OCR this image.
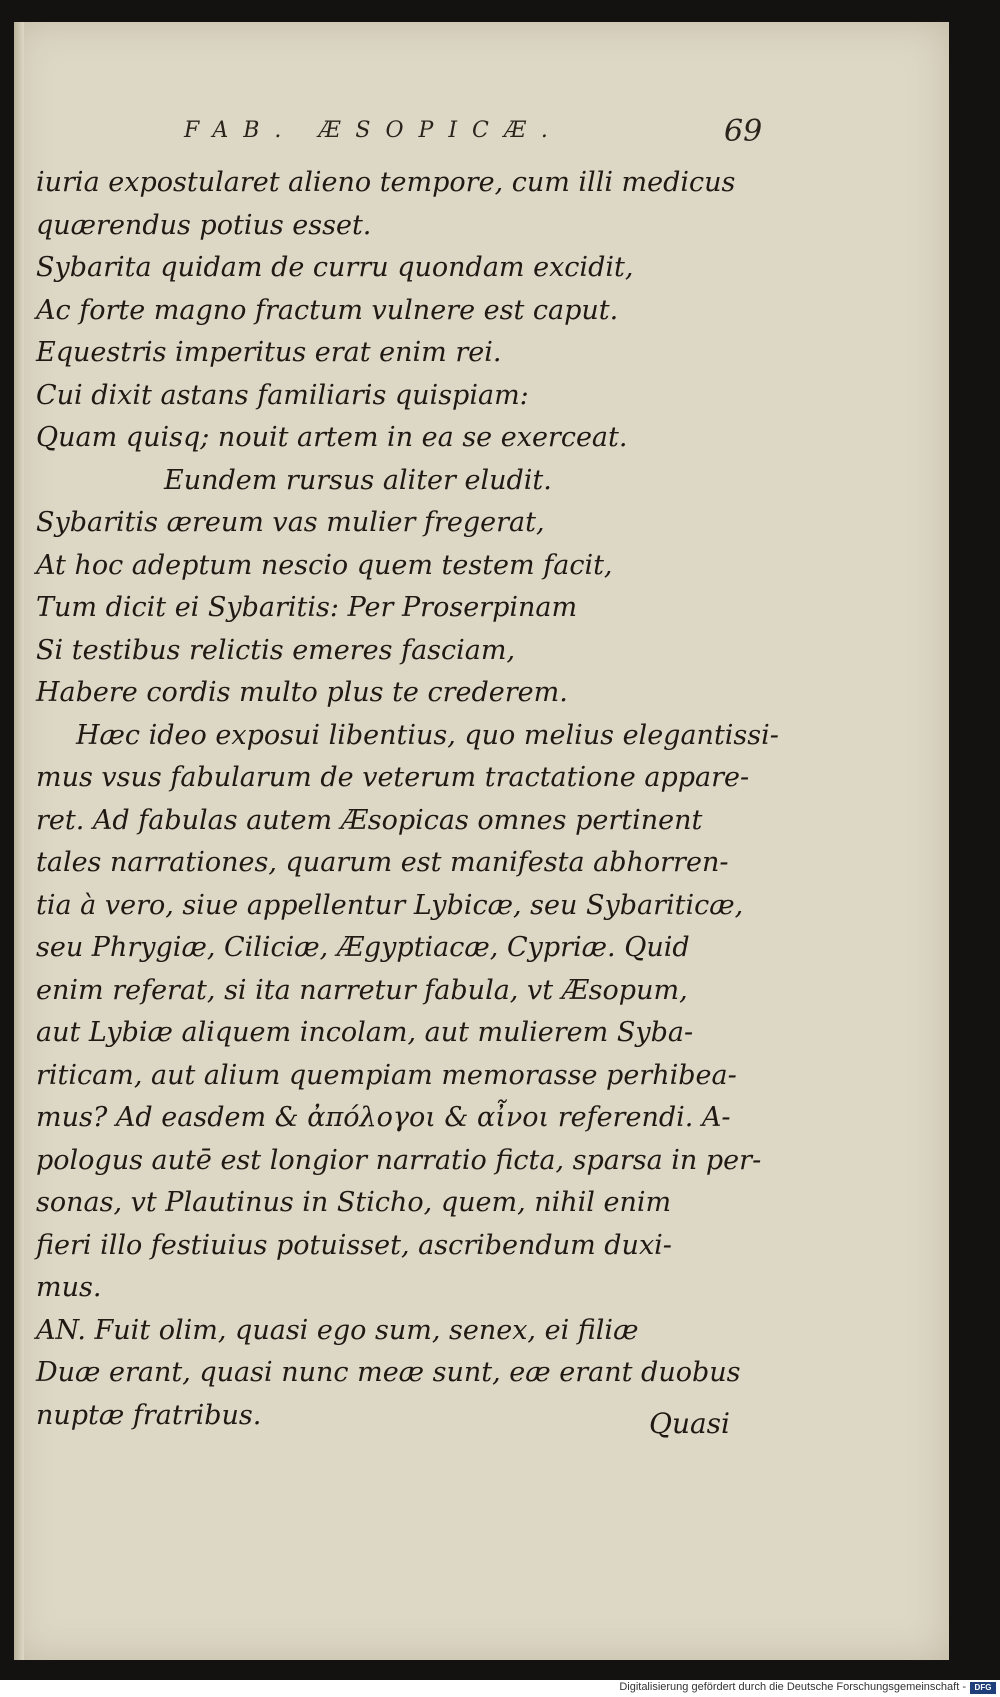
FAB. ÆSOPICÆ.	69
iuria expostularet alieno tempore, cum illi medicus
quærendus potius esset.
Sybarita quidam de curru quondam excidit,
Ac forte magno fractum vulnere est caput.
Equestris imperitus erat enim rei.
Cui dixit astans familiaris quispiam:
Quam quisq; nouit artem in ea se exerceat.
Eundem rursus aliter eludit.
Sybaritis æreum vas mulier fregerat,
At hoc adeptum nescio quem testem facit,
Tum dicit ei Sybaritis: Per Proserpinam
Si testibus relictis emeres fasciam,
Habere cordis multo plus te crederem.
Hæc ideo exposui libentius, quo melius elegantissi-
mus vsus fabularum de veterum tractatione appare-
ret. Ad fabulas autem Æsopicas omnes pertinent
tales narrationes, quarum est manifesta abhorren-
tia à vero, siue appellentur Lybicæ, seu Sybariticæ,
seu Phrygiæ, Ciliciæ, Ægyptiacæ, Cypriæ. Quid
enim referat, si ita narretur fabula, vt Æsopum,
aut Lybiæ aliquem incolam, aut mulierem Syba-
riticam, aut alium quempiam memorasse perhibea-
mus? Ad easdem & ἀπόλογοι & αἶνοι referendi. A-
pologus autē est longior narratio ficta, sparsa in per-
sonas, vt Plautinus in Sticho, quem, nihil enim
fieri illo festiuius potuisset, ascribendum duxi-
mus.
AN. Fuit olim, quasi ego sum, senex, ei filiæ
Duæ erant, quasi nunc meæ sunt, eæ erant duobus
nuptæ fratribus.	Quasi
Digitalisierung gefördert durch die Deutsche Forschungsgemeinschaft -	DFG
